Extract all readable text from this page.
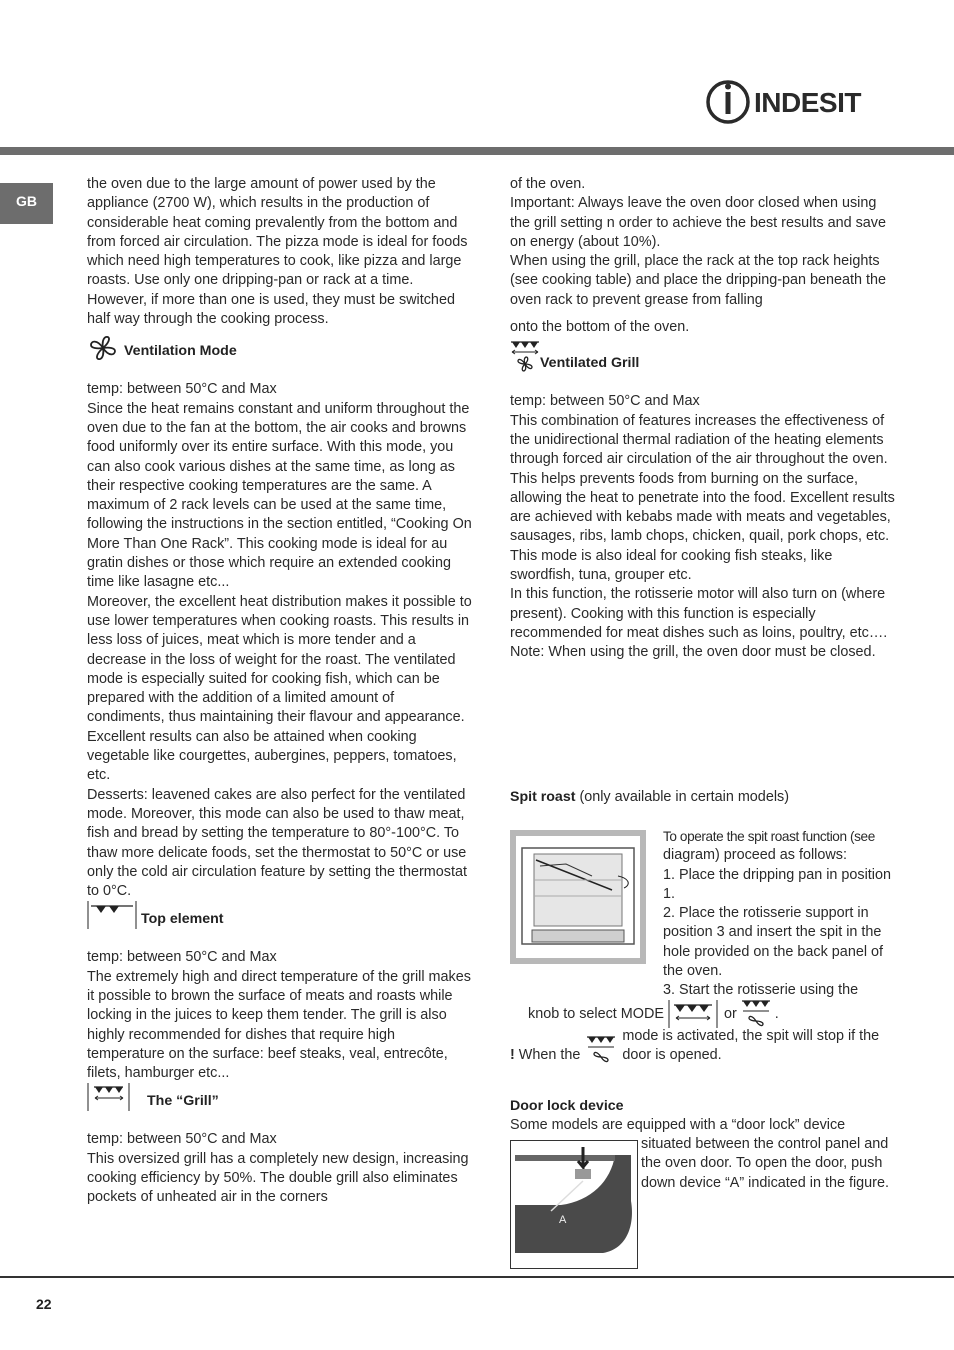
INDESIT
GB

the oven due to the large amount of power used by the appliance (2700 W), which results in the production of considerable heat coming prevalently from the bottom and from forced air circulation. The pizza mode is ideal for foods which need high temperatures to cook, like pizza and large roasts. Use only one dripping-pan or rack at a time. However, if more than one is used, they must be switched half way through the cooking process.

Ventilation Mode

temp: between 50°C and Max

Since the heat remains constant and uniform throughout the oven due to the fan at the bottom, the air cooks and browns food uniformly over its entire surface. With this mode, you can also cook various dishes at the same time, as long as their respective cooking temperatures are the same. A maximum of 2 rack levels can be used at the same time, following the instructions in the section entitled, “Cooking On More Than One Rack”. This cooking mode is ideal for au gratin dishes or those which require an extended cooking time like lasagne etc...

Moreover, the excellent heat distribution makes it possible to use lower temperatures when cooking roasts. This results in less loss of juices, meat which is more tender and a decrease in the loss of weight for the roast. The ventilated mode is especially suited for cooking fish, which can be prepared with the addition of a limited amount of condiments, thus maintaining their flavour and appearance. Excellent results can also be attained when cooking vegetable like courgettes, aubergines, peppers, tomatoes, etc.

Desserts: leavened cakes are also perfect for the ventilated mode. Moreover, this mode can also be used to thaw meat, fish and bread by setting the temperature to 80°-100°C. To thaw more delicate foods, set the thermostat to 50°C or use only the cold air circulation feature by setting the thermostat to 0°C.

Top element

temp: between 50°C and Max

The extremely high and direct temperature of the grill makes it possible to brown the surface of meats and roasts while locking in the juices to keep them tender. The grill is also highly recommended for dishes that require high temperature on the surface: beef steaks, veal, entrecôte, filets, hamburger etc...

The “Grill”

temp: between 50°C and Max

This oversized grill has a completely new design, increasing cooking efficiency by 50%. The double grill also eliminates pockets of unheated air in the corners

of the oven.

Important: Always leave the oven door closed when using the grill setting n order to achieve the best results and save on energy (about 10%).

When using the grill, place the rack at the top rack heights (see cooking table) and place the dripping-pan beneath the oven rack to prevent grease from falling

onto the bottom of the oven.

Ventilated Grill

temp: between 50°C and Max

This combination of features increases the effectiveness of the unidirectional thermal radiation of the heating elements through forced air circulation of the air throughout the oven. This helps prevents foods from burning on the surface, allowing the heat to penetrate into the food. Excellent results are achieved with kebabs made with meats and vegetables, sausages, ribs, lamb chops, chicken, quail, pork chops, etc. This mode is also ideal for cooking fish steaks, like swordfish, tuna, grouper etc.

In this function, the rotisserie motor will also turn on (where present). Cooking with this function is especially recommended for meat dishes such as loins, poultry, etc….

Note: When using the grill, the oven door must be closed.

Spit roast (only available in certain models)
To operate the spit roast function (see
diagram) proceed as follows:
1. Place the dripping pan in position 1.
2. Place the rotisserie support in position 3 and insert the spit in the hole provided on the back panel of the oven.
3. Start the rotisserie using the
knob to select MODE	or	.
! When the
mode is activated, the spit will stop if the door is opened.
Door lock device
Some models are equipped with a “door lock” device
A
situated between the control panel and the oven door. To open the door, push down device “A” indicated in the figure.
22
